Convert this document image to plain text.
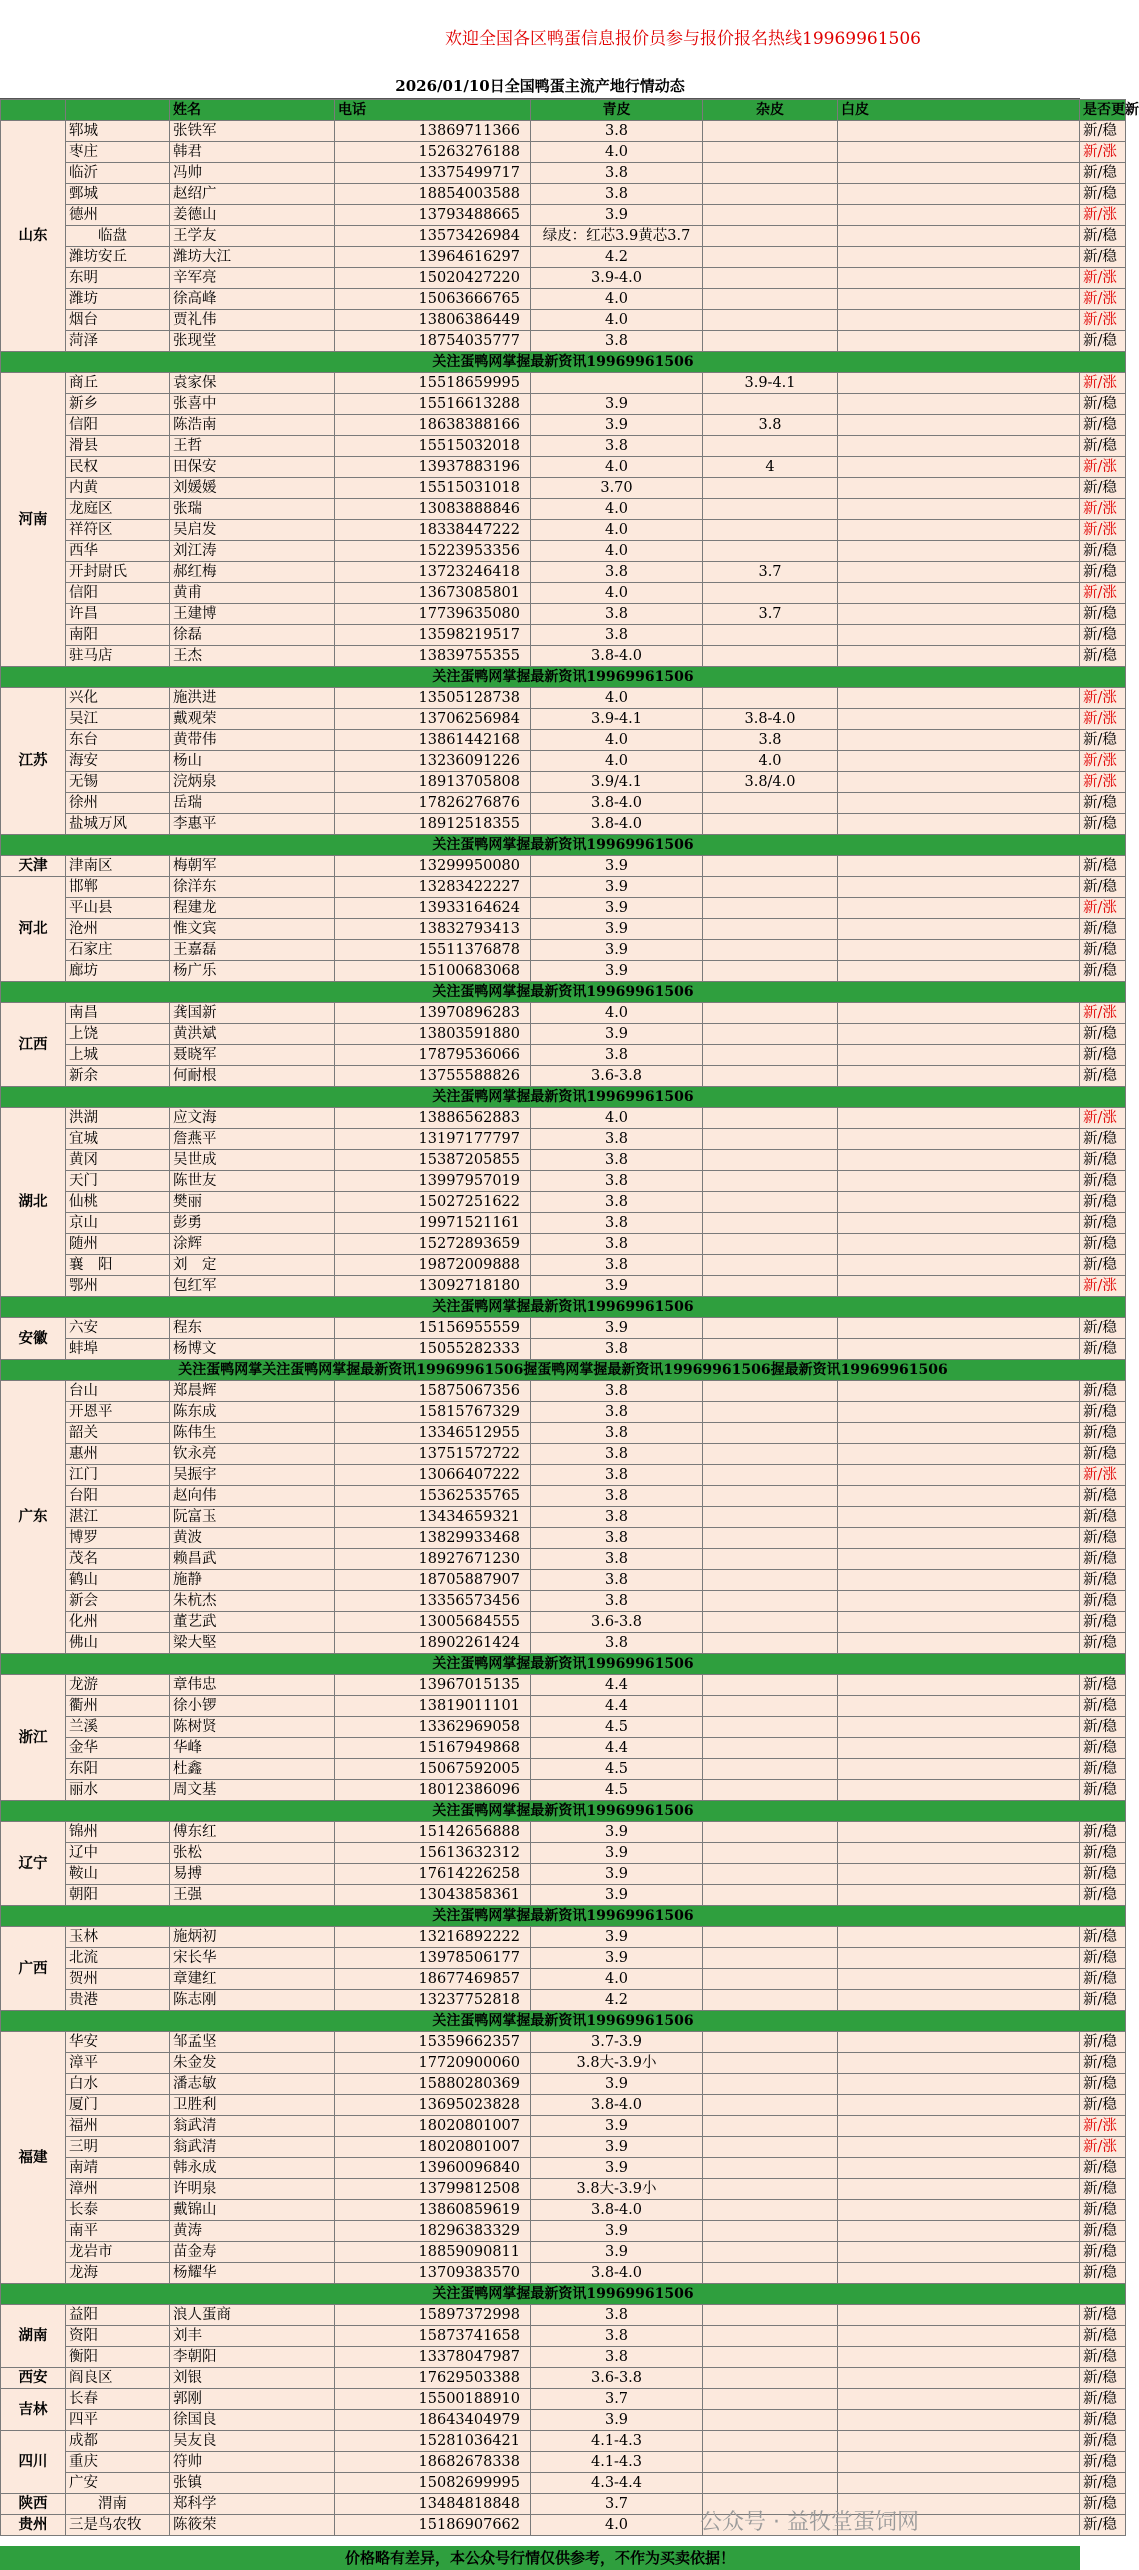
欢迎全国各区鸭蛋信息报价员参与报价报名热线19969961506
2026/01/10日全国鸭蛋主流产地行情动态
		姓名	电话	青皮	杂皮	白皮	是否更新
山东	郓城	张铁军	13869711366	3.8			新/稳
	枣庄	韩君	15263276188	4.0			新/涨
	临沂	冯帅	13375499717	3.8			新/稳
	鄄城	赵绍广	18854003588	3.8			新/稳
	德州	姜德山	13793488665	3.9			新/涨
	　　临盘	王学友	13573426984	绿皮：红芯3.9黄芯3.7			新/稳
	潍坊安丘	潍坊大江	13964616297	4.2			新/稳
	东明	辛军亮	15020427220	3.9-4.0			新/涨
	潍坊	徐高峰	15063666765	4.0			新/涨
	烟台	贾礼伟	13806386449	4.0			新/涨
	菏泽	张现堂	18754035777	3.8			新/稳
关注蛋鸭网掌握最新资讯19969961506							
河南	商丘	袁家保	15518659995		3.9-4.1		新/涨
	新乡	张喜中	15516613288	3.9			新/稳
	信阳	陈浩南	18638388166	3.9	3.8		新/稳
	滑县	王哲	15515032018	3.8			新/稳
	民权	田保安	13937883196	4.0	4		新/涨
	内黄	刘媛媛	15515031018	3.70			新/稳
	龙庭区	张瑞	13083888846	4.0			新/涨
	祥符区	吴启发	18338447222	4.0			新/涨
	西华	刘江涛	15223953356	4.0			新/稳
	开封尉氏	郝红梅	13723246418	3.8	3.7		新/稳
	信阳	黄甫	13673085801	4.0			新/涨
	许昌	王建博	17739635080	3.8	3.7		新/稳
	南阳	徐磊	13598219517	3.8			新/稳
	驻马店	王杰	13839755355	3.8-4.0			新/稳
关注蛋鸭网掌握最新资讯19969961506							
江苏	兴化	施洪进	13505128738	4.0			新/涨
	吴江	戴观荣	13706256984	3.9-4.1	3.8-4.0		新/涨
	东台	黄带伟	13861442168	4.0	3.8		新/稳
	海安	杨山	13236091226	4.0	4.0		新/涨
	无锡	浣炳泉	18913705808	3.9/4.1	3.8/4.0		新/涨
	徐州	岳瑞	17826276876	3.8-4.0			新/稳
	盐城万风	李惠平	18912518355	3.8-4.0			新/稳
关注蛋鸭网掌握最新资讯19969961506							
天津	津南区	梅朝军	13299950080	3.9			新/稳
河北	邯郸	徐洋东	13283422227	3.9			新/稳
	平山县	程建龙	13933164624	3.9			新/涨
	沧州	惟文宾	13832793413	3.9			新/稳
	石家庄	王嘉磊	15511376878	3.9			新/稳
	廊坊	杨广乐	15100683068	3.9			新/稳
关注蛋鸭网掌握最新资讯19969961506							
江西	南昌	龚国新	13970896283	4.0			新/涨
	上饶	黄洪斌	13803591880	3.9			新/稳
	上城	聂晓军	17879536066	3.8			新/稳
	新余	何耐根	13755588826	3.6-3.8			新/稳
关注蛋鸭网掌握最新资讯19969961506							
湖北	洪湖	应文海	13886562883	4.0			新/涨
	宜城	詹燕平	13197177797	3.8			新/稳
	黄冈	吴世成	15387205855	3.8			新/稳
	天门	陈世友	13997957019	3.8			新/稳
	仙桃	樊丽	15027251622	3.8			新/稳
	京山	彭勇	19971521161	3.8			新/稳
	随州	涂辉	15272893659	3.8			新/稳
	襄　阳	刘　定	19872009888	3.8			新/稳
	鄂州	包红军	13092718180	3.9			新/涨
关注蛋鸭网掌握最新资讯19969961506							
安徽	六安	程东	15156955559	3.9			新/稳
	蚌埠	杨博文	15055282333	3.8			新/稳
关注蛋鸭网掌关注蛋鸭网掌握最新资讯19969961506握蛋鸭网掌握最新资讯19969961506握最新资讯19969961506							
广东	台山	郑晨辉	15875067356	3.8			新/稳
	开恩平	陈东成	15815767329	3.8			新/稳
	韶关	陈伟生	13346512955	3.8			新/稳
	惠州	钦永亮	13751572722	3.8			新/稳
	江门	吴振宇	13066407222	3.8			新/涨
	台阳	赵向伟	15362535765	3.8			新/稳
	湛江	阮富玉	13434659321	3.8			新/稳
	博罗	黄波	13829933468	3.8			新/稳
	茂名	赖昌武	18927671230	3.8			新/稳
	鹤山	施静	18705887907	3.8			新/稳
	新会	朱杭杰	13356573456	3.8			新/稳
	化州	董艺武	13005684555	3.6-3.8			新/稳
	佛山	梁大堅	18902261424	3.8			新/稳
关注蛋鸭网掌握最新资讯19969961506							
浙江	龙游	章伟忠	13967015135	4.4			新/稳
	衢州	徐小锣	13819011101	4.4			新/稳
	兰溪	陈树贤	13362969058	4.5			新/稳
	金华	华峰	15167949868	4.4			新/稳
	东阳	杜鑫	15067592005	4.5			新/稳
	丽水	周文基	18012386096	4.5			新/稳
关注蛋鸭网掌握最新资讯19969961506							
辽宁	锦州	傅东红	15142656888	3.9			新/稳
	辽中	张松	15613632312	3.9			新/稳
	鞍山	易搏	17614226258	3.9			新/稳
	朝阳	王强	13043858361	3.9			新/稳
关注蛋鸭网掌握最新资讯19969961506							
广西	玉林	施炳初	13216892222	3.9			新/稳
	北流	宋长华	13978506177	3.9			新/稳
	贺州	章建红	18677469857	4.0			新/稳
	贵港	陈志刚	13237752818	4.2			新/稳
关注蛋鸭网掌握最新资讯19969961506							
福建	华安	邹孟坚	15359662357	3.7-3.9			新/稳
	漳平	朱金发	17720900060	3.8大-3.9小			新/稳
	白水	潘志敏	15880280369	3.9			新/稳
	厦门	卫胜利	13695023828	3.8-4.0			新/稳
	福州	翁武清	18020801007	3.9			新/涨
	三明	翁武清	18020801007	3.9			新/涨
	南靖	韩永成	13960096840	3.9			新/稳
	漳州	许明泉	13799812508	3.8大-3.9小			新/稳
	长泰	戴锦山	13860859619	3.8-4.0			新/稳
	南平	黄涛	18296383329	3.9			新/稳
	龙岩市	苗金寿	18859090811	3.9			新/稳
	龙海	杨耀华	13709383570	3.8-4.0			新/稳
关注蛋鸭网掌握最新资讯19969961506							
湖南	益阳	浪人蛋商	15897372998	3.8			新/稳
	资阳	刘丰	15873741658	3.8			新/稳
	衡阳	李朝阳	13378047987	3.8			新/稳
西安	阎良区	刘银	17629503388	3.6-3.8			新/稳
吉林	长春	郭刚	15500188910	3.7			新/稳
	四平	徐国良	18643404979	3.9			新/稳
四川	成都	吴友良	15281036421	4.1-4.3			新/稳
	重庆	符帅	18682678338	4.1-4.3			新/稳
	广安	张镇	15082699995	4.3-4.4			新/稳
陕西	　　渭南	郑科学	13484818848	3.7			新/稳
贵州	三是鸟农牧	陈筱荣	15186907662	4.0			新/稳
公众号 · 益牧堂蛋饲网
价格略有差异，本公众号行情仅供参考，不作为买卖依据！
